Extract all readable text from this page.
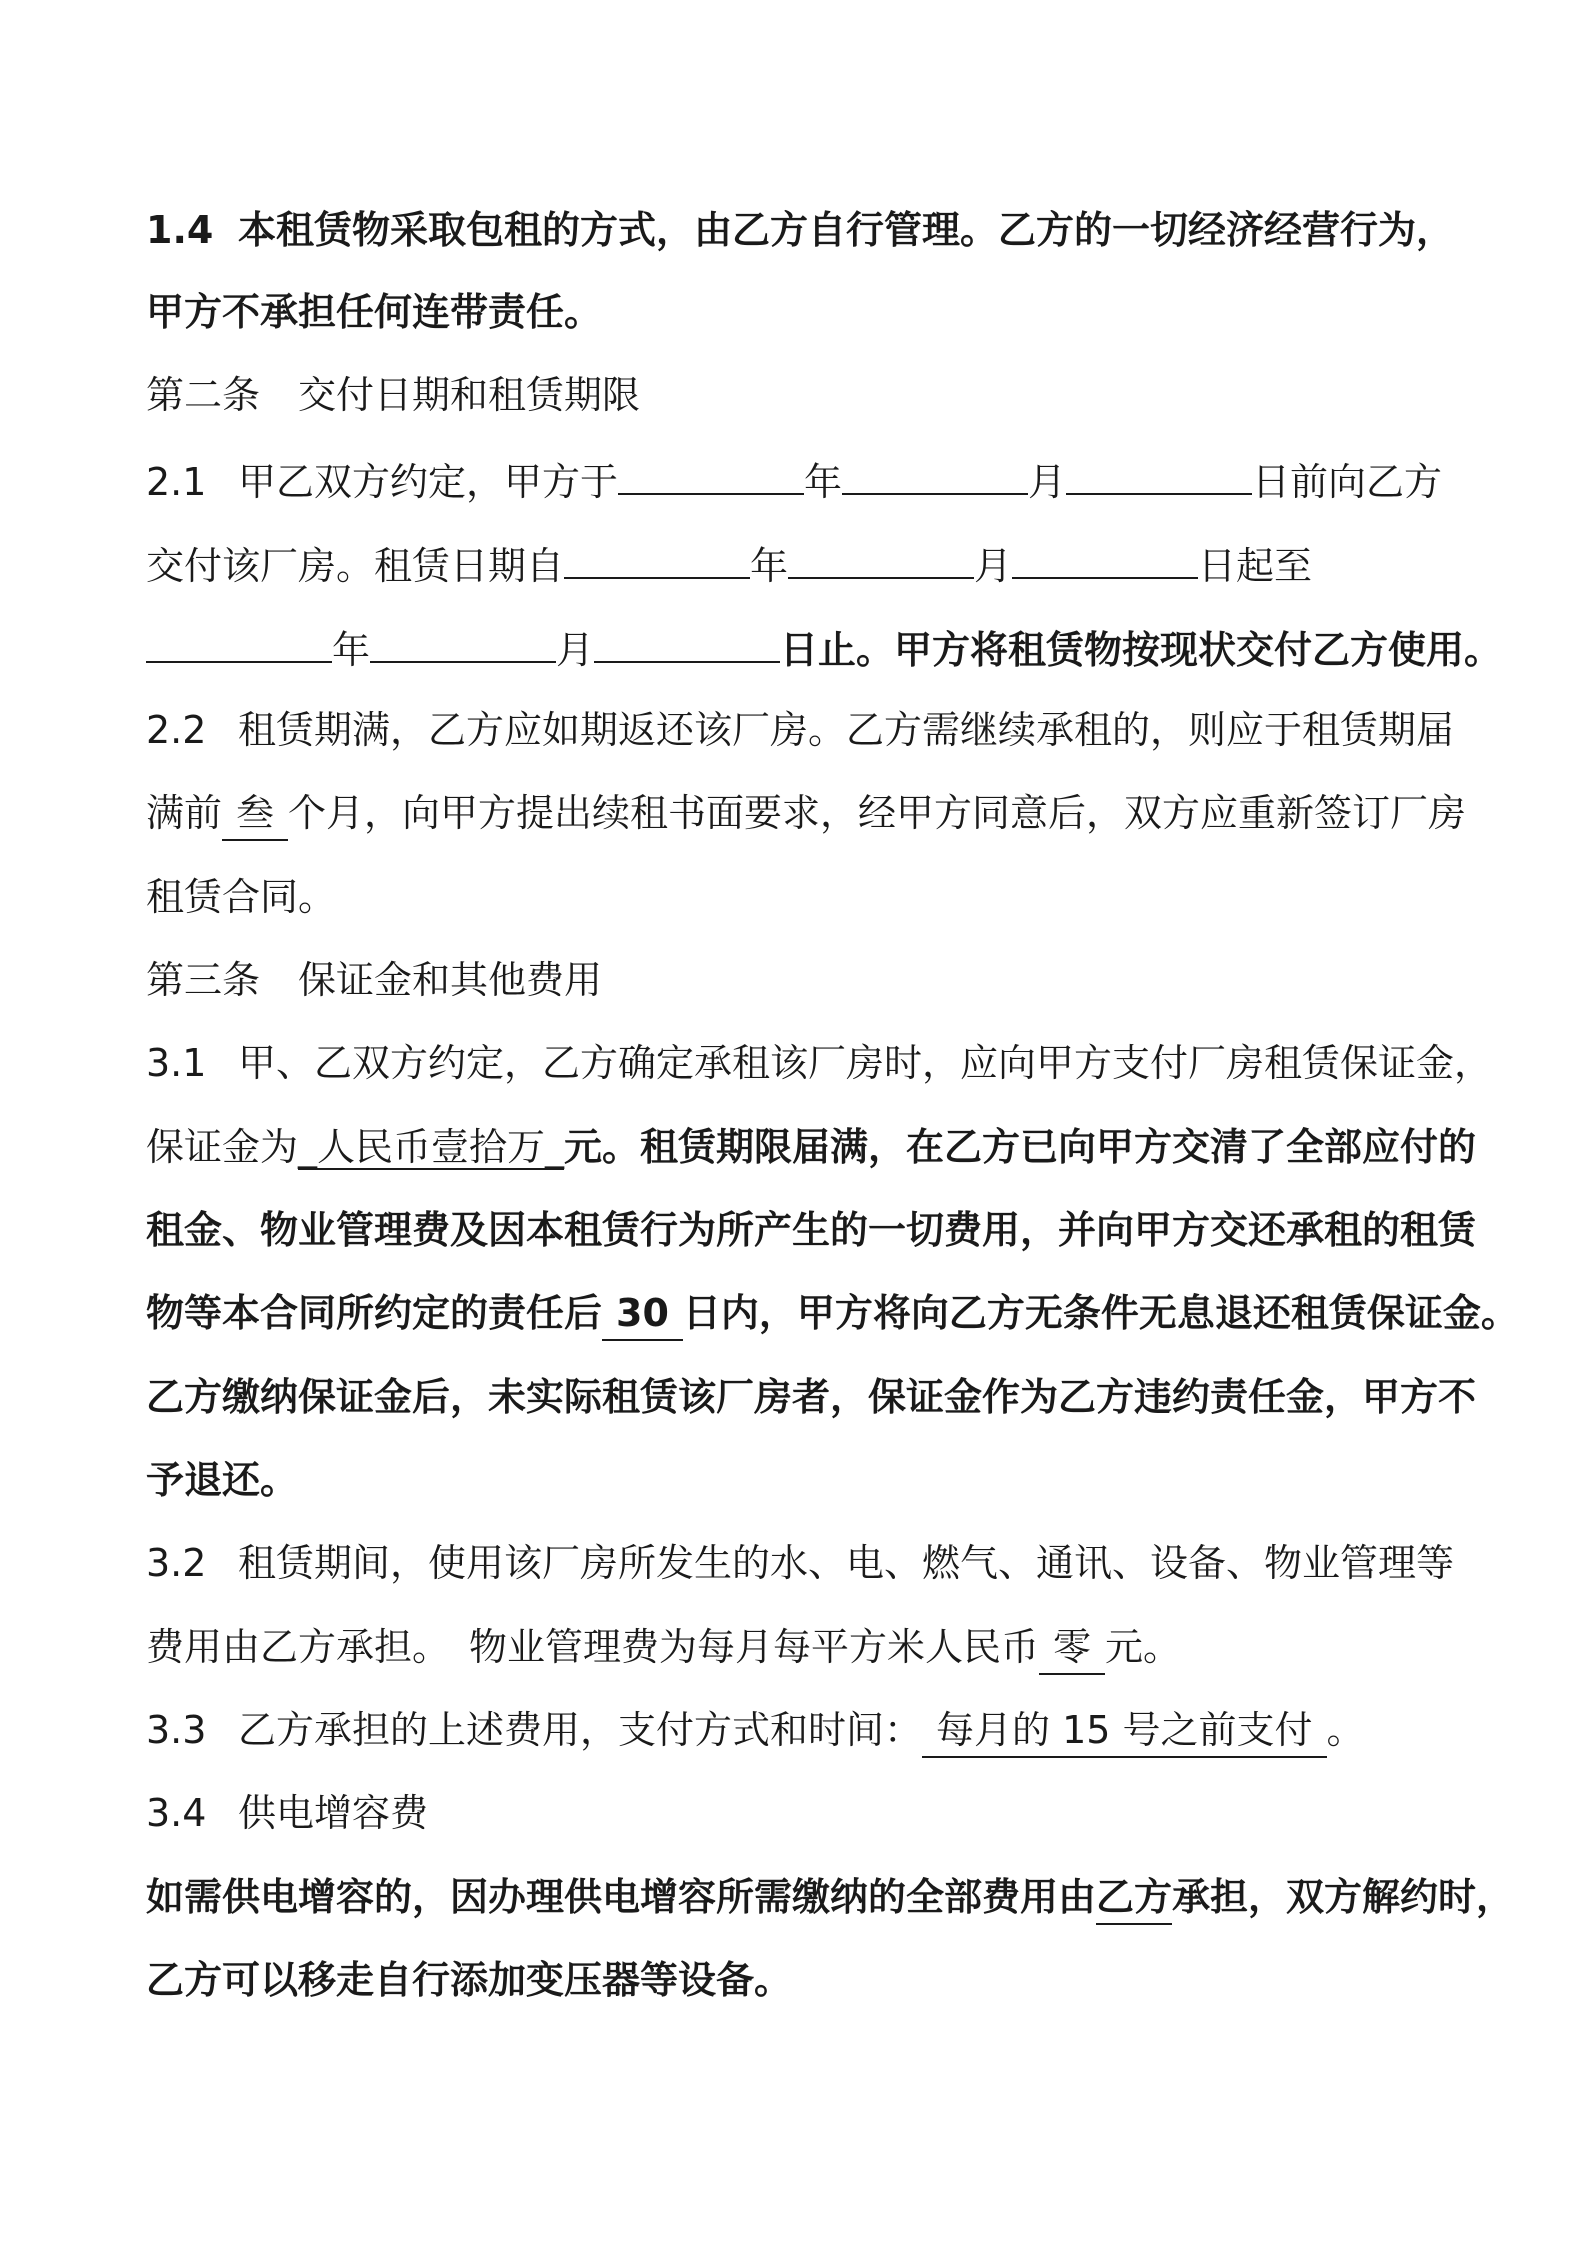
1.4 本租赁物采取包租的方式，由乙方自行管理。乙方的一切经济经营行为，
甲方不承担任何连带责任。
第二条　交付日期和租赁期限
2.1 甲乙双方约定，甲方于	年	月	日前向乙方
交付该厂房。租赁日期自	年	月	日起至
年	月	日止。甲方将租赁物按现状交付乙方使用。
2.2 租赁期满，乙方应如期返还该厂房。乙方需继续承租的，则应于租赁期届
满前 叁 个月，向甲方提出续租书面要求，经甲方同意后，双方应重新签订厂房
租赁合同。
第三条　保证金和其他费用
3.1 甲、乙双方约定，乙方确定承租该厂房时，应向甲方支付厂房租赁保证金，
保证金为_人民币壹拾万_元。租赁期限届满，在乙方已向甲方交清了全部应付的
租金、物业管理费及因本租赁行为所产生的一切费用，并向甲方交还承租的租赁
物等本合同所约定的责任后 30 日内，甲方将向乙方无条件无息退还租赁保证金。
乙方缴纳保证金后，未实际租赁该厂房者，保证金作为乙方违约责任金，甲方不
予退还。
3.2 租赁期间，使用该厂房所发生的水、电、燃气、通讯、设备、物业管理等
费用由乙方承担。　物业管理费为每月每平方米人民币 零 元。
3.3 乙方承担的上述费用，支付方式和时间： 每月的 15 号之前支付 。
3.4 供电增容费
如需供电增容的，因办理供电增容所需缴纳的全部费用由乙方承担，双方解约时，
乙方可以移走自行添加变压器等设备。
